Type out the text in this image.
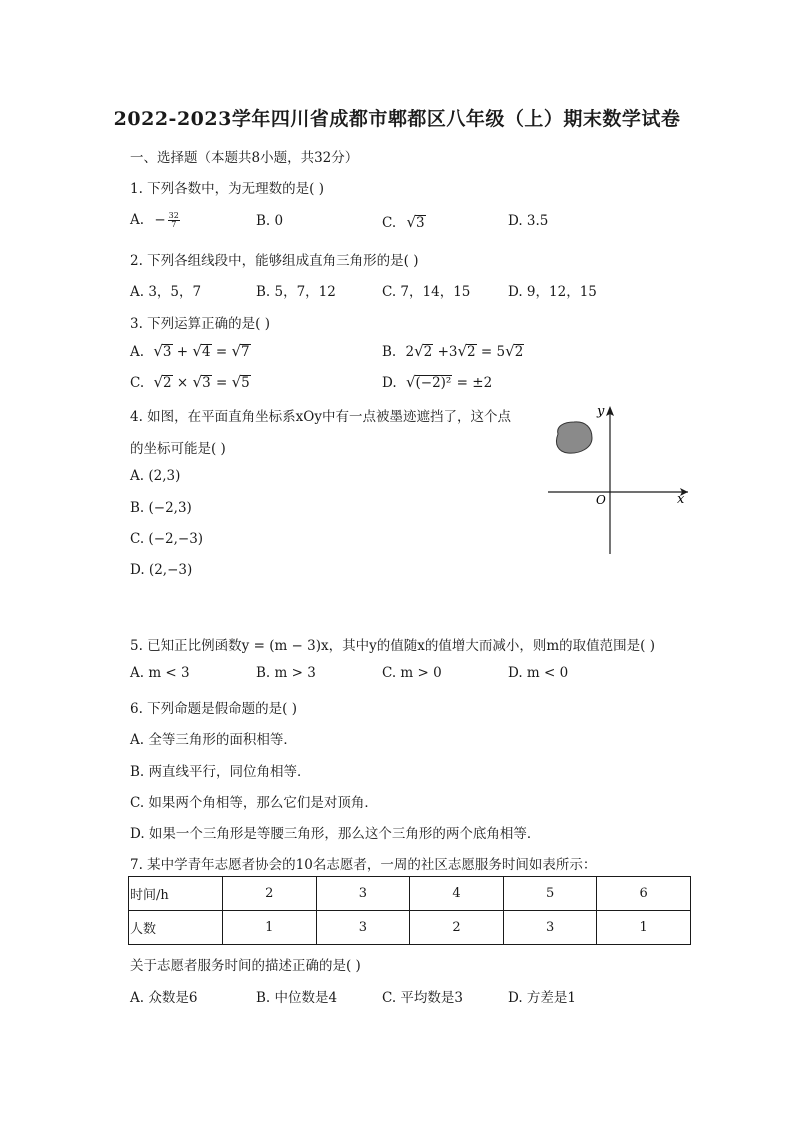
2022-2023学年四川省成都市郫都区八年级（上）期末数学试卷
一、选择题（本题共8小题，共32分）
1. 下列各数中，为无理数的是( )
A. − $\frac{32}{7}$	B. 0	C. √3	D. 3.5̇
2. 下列各组线段中，能够组成直角三角形的是( )
A. 3，5，7	B. 5，7，12	C. 7，14，15	D. 9，12，15
3. 下列运算正确的是( )
A. √3 + √4 = √7	B. 2√2 +3√2 = 5√2
C. √2 × √3 = √5	D. √(−2)² = ±2
4. 如图，在平面直角坐标系xOy中有一点被墨迹遮挡了，这个点
的坐标可能是( )
A. (2,3)
B. (−2,3)
C. (−2,−3)
D. (2,−3)
y
x
O
5. 已知正比例函数y = (m − 3)x，其中y的值随x的值增大而减小，则m的取值范围是( )
A. m < 3	B. m > 3	C. m > 0	D. m < 0
6. 下列命题是假命题的是( )
A. 全等三角形的面积相等．
B. 两直线平行，同位角相等．
C. 如果两个角相等，那么它们是对顶角．
D. 如果一个三角形是等腰三角形，那么这个三角形的两个底角相等．
7. 某中学青年志愿者协会的10名志愿者，一周的社区志愿服务时间如表所示：
时间/h	2	3	4	5	6
人数	1	3	2	3	1
关于志愿者服务时间的描述正确的是( )
A. 众数是6	B. 中位数是4	C. 平均数是3	D. 方差是1
